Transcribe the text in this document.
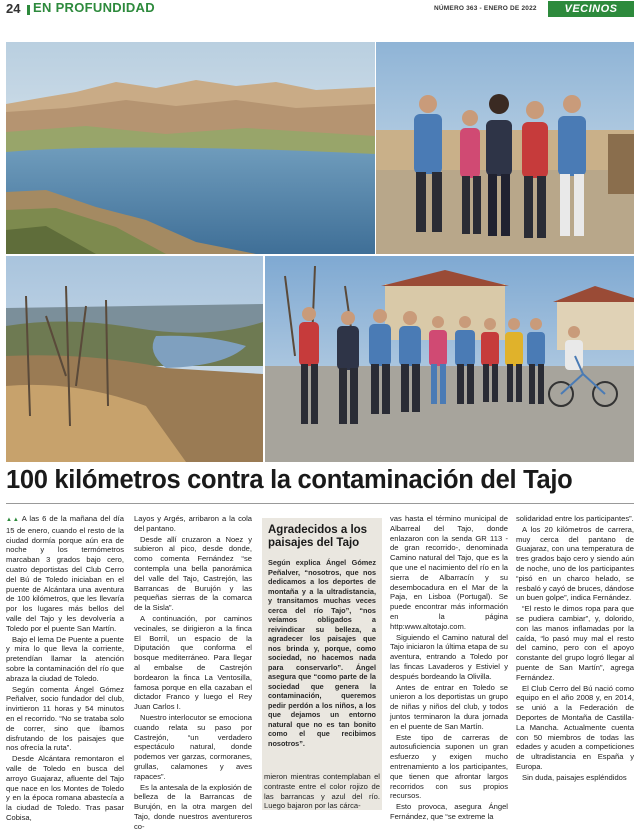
24 EN PROFUNDIDAD	NÚMERO 363 - ENERO DE 2022	VECINOS
100 kilómetros contra la contaminación del Tajo

▲▲ A las 6 de la mañana del día 15 de enero, cuando el resto de la ciudad dormía porque aún era de noche y los termómetros marcaban 3 grados bajo cero, cuatro deportistas del Club Cerro del Bú de Toledo iniciaban en el puente de Alcántara una aventura de 100 kilómetros, que les llevaría por los lugares más bellos del valle del Tajo y les devolvería a Toledo por el puente San Martín.

Bajo el lema De Puente a puente y mira lo que lleva la corriente, pretendían llamar la atención sobre la contaminación del río que abraza la ciudad de Toledo.

Según comenta Ángel Gómez Peñalver, socio fundador del club, invirtieron 11 horas y 54 minutos en el recorrido. “No se trataba solo de correr, sino que íbamos disfrutando de los paisajes que nos ofrecía la ruta”.

Desde Alcántara remontaron el valle de Toledo en busca del arroyo Guajaraz, afluente del Tajo que nace en los Montes de Toledo y en la época romana abastecía a la ciudad de Toledo. Tras pasar Cobisa,

Layos y Argés, arribaron a la cola del pantano.

Desde allí cruzaron a Noez y subieron al pico, desde donde, como comenta Fernández “se contempla una bella panorámica del valle del Tajo, Castrejón, las Barrancas de Burujón y las pequeñas sierras de la comarca de la Sisla”.

A continuación, por caminos vecinales, se dirigieron a la finca El Borril, un espacio de la Diputación que conforma el bosque mediterráneo. Para llegar al embalse de Castrejón bordearon la finca La Ventosilla, famosa porque en ella cazaban el dictador Franco y luego el Rey Juan Carlos I.

Nuestro interlocutor se emociona cuando relata su paso por Castrejón, “un verdadero espectáculo natural, donde podemos ver garzas, cormoranes, grullas, calamones y aves rapaces”.

Es la antesala de la explosión de belleza de la Barrancas de Burujón, en la otra margen del Tajo, donde nuestros aventureros co-

Agradecidos a los paisajes del Tajo

Según explica Ángel Gómez Peñalver, “nosotros, que nos dedicamos a los deportes de montaña y a la ultradistancia, y transitamos muchas veces cerca del río Tajo”, “nos veíamos obligados a reivindicar su belleza, a agradecer los paisajes que nos brinda y, porque, como sociedad, no hacemos nada para conservarlo”. Ángel asegura que “como parte de la sociedad que genera la contaminación, queremos pedir perdón a los niños, a los que dejamos un entorno natural que no es tan bonito como el que recibimos nosotros”.

mieron mientras contemplaban el contraste entre el color rojizo de las barrancas y azul del río. Luego bajaron por las cárca-

vas hasta el término municipal de Albarreal del Tajo, donde enlazaron con la senda GR 113 -de gran recorrido-, denominada Camino natural del Tajo, que es la que une el nacimiento del río en la sierra de Albarracín y su desembocadura en el Mar de la Paja, en Lisboa (Portugal). Se puede encontrar más información en la página http:www.altotajo.com.

Siguiendo el Camino natural del Tajo iniciaron la última etapa de su aventura, entrando a Toledo por las fincas Lavaderos y Estiviel y después bordeando la Olivilla.

Antes de entrar en Toledo se unieron a los deportistas un grupo de niñas y niños del club, y todos juntos terminaron la dura jornada en el puente de San Martín.

Este tipo de carreras de autosuficiencia suponen un gran esfuerzo y exigen mucho entrenamiento a los participantes, que tienen que afrontar largos recorridos con sus propios recursos.

Esto provoca, asegura Ángel Fernández, que “se extreme la

solidaridad entre los participantes”.

A los 20 kilómetros de carrera, muy cerca del pantano de Guajaraz, con una temperatura de tres grados bajo cero y siendo aún de noche, uno de los participantes “pisó en un charco helado, se resbaló y cayó de bruces, dándose un buen golpe”, indica Fernández.

“El resto le dimos ropa para que se pudiera cambiar”, y, dolorido, con las manos inflamadas por la caída, “lo pasó muy mal el resto del camino, pero con el apoyo constante del grupo logró llegar al puente de San Martín”, agrega Fernández.

El Club Cerro del Bú nació como equipo en el año 2008 y, en 2014, se unió a la Federación de Deportes de Montaña de Castilla-La Mancha. Actualmente cuenta con 50 miembros de todas las edades y acuden a competiciones de ultradistancia en España y Europa.

Sin duda, paisajes espléndidos
